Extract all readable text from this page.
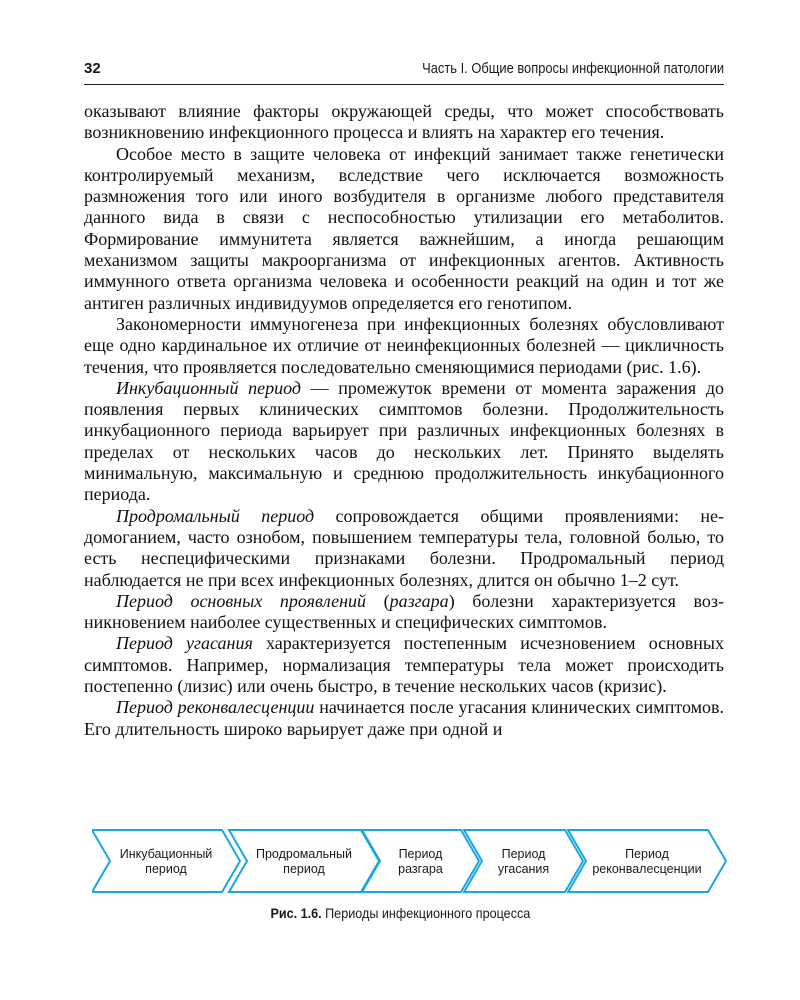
32	Часть I. Общие вопросы инфекционной патологии

оказывают влияние факторы окружающей среды, что может способствовать возникновению инфекционного процесса и влиять на характер его течения.

Особое место в защите человека от инфекций занимает также генетически контролируемый механизм, вследствие чего исключается возможность размножения того или иного возбудителя в организме любого представителя данного вида в связи с неспособностью утилизации его метаболитов. Формирование иммунитета является важнейшим, а иногда решающим механизмом защиты макроорганизма от инфекционных агентов. Активность иммунного ответа организма человека и особенности реакций на один и тот же антиген различных индивидуумов определяется его генотипом.

Закономерности иммуногенеза при инфекционных болезнях обусловливают еще одно кардинальное их отличие от неинфекционных болезней — цикличность течения, что проявляется последовательно сменяющимися периодами (рис. 1.6).

Инкубационный период — промежуток времени от момента заражения до появления первых клинических симптомов болезни. Продолжительность инкубационного периода варьирует при различных инфекционных болезнях в пределах от нескольких часов до нескольких лет. Принято выделять минимальную, максимальную и среднюю продолжительность инкубационного периода.

Продромальный период сопровождается общими проявлениями: недомоганием, часто ознобом, повышением температуры тела, головной болью, то есть неспецифическими признаками болезни. Продромальный период наблюдается не при всех инфекционных болезнях, длится он обычно 1–2 сут.

Период основных проявлений (разгара) болезни характеризуется возникновением наиболее существенных и специфических симптомов.

Период угасания характеризуется постепенным исчезновением основных симптомов. Например, нормализация температуры тела может происходить постепенно (лизис) или очень быстро, в течение нескольких часов (кризис).

Период реконвалесценции начинается после угасания клинических симптомов. Его длительность широко варьирует даже при одной и

Инкубационный
период
Продромальный
период
Период
разгара
Период
угасания
Период
реконвалесценции
Рис. 1.6. Периоды инфекционного процесса
